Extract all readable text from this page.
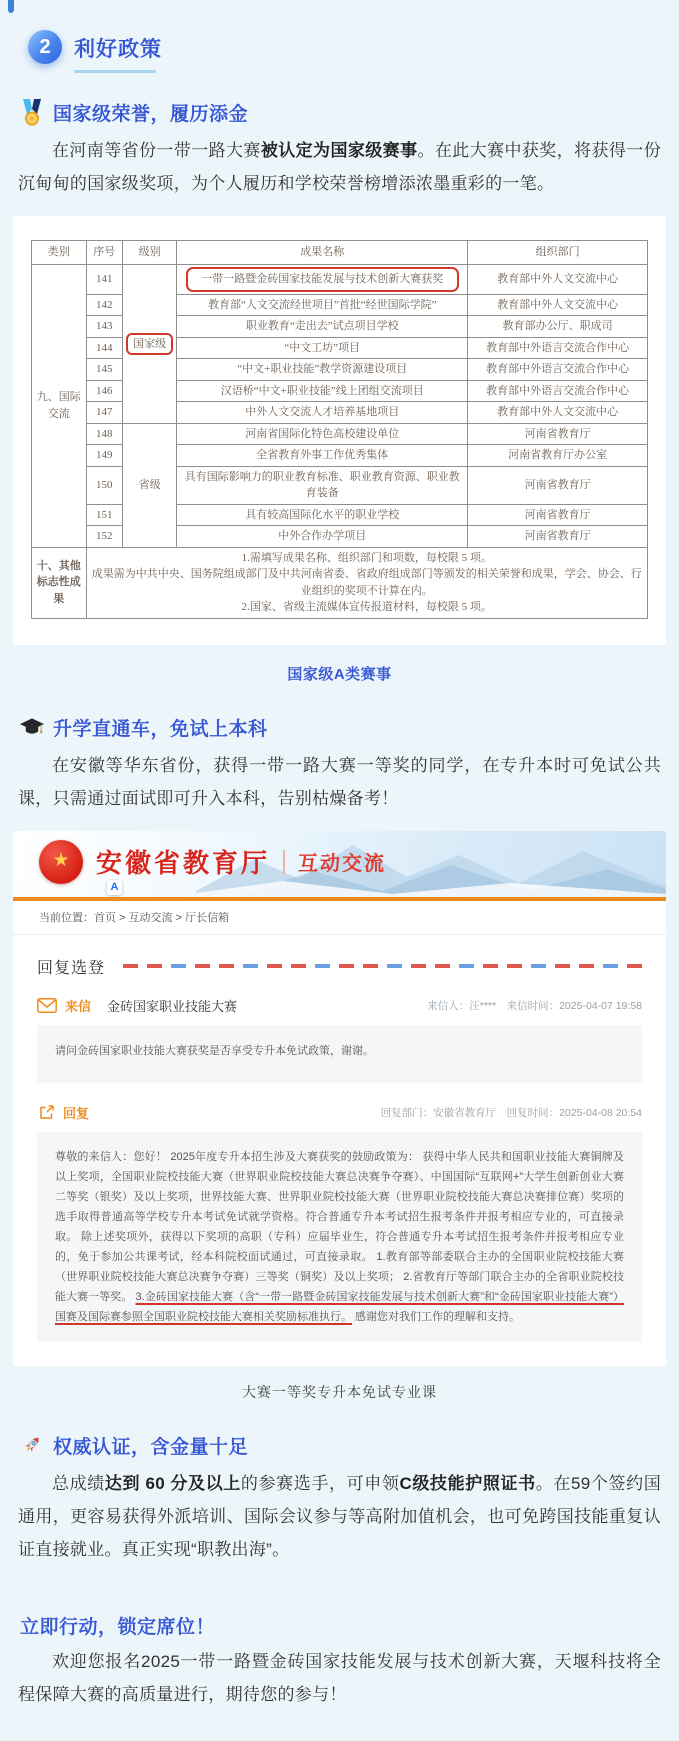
2	利好政策
国家级荣誉，履历添金

在河南等省份一带一路大赛被认定为国家级赛事。在此大赛中获奖，将获得一份沉甸甸的国家级奖项，为个人履历和学校荣誉榜增添浓墨重彩的一笔。

类别	序号	级别	成果名称	组织部门
九、国际交流	141	国家级	一带一路暨金砖国家技能发展与技术创新大赛获奖	教育部中外人文交流中心
	142		教育部“人文交流经世项目”首批“经世国际学院”	教育部中外人文交流中心
	143		职业教育“走出去”试点项目学校	教育部办公厅、职成司
	144		“中文工坊”项目	教育部中外语言交流合作中心
	145		“中文+职业技能”教学资源建设项目	教育部中外语言交流合作中心
	146		汉语桥“中文+职业技能”线上团组交流项目	教育部中外语言交流合作中心
	147		中外人文交流人才培养基地项目	教育部中外人文交流中心
	148	省级	河南省国际化特色高校建设单位	河南省教育厅
	149		全省教育外事工作优秀集体	河南省教育厅办公室
	150		具有国际影响力的职业教育标准、职业教育资源、职业教育装备	河南省教育厅
	151		具有较高国际化水平的职业学校	河南省教育厅
	152		中外合作办学项目	河南省教育厅
十、其他标志性成果	1.需填写成果名称、组织部门和项数，每校限 5 项。
成果需为中共中央、国务院组成部门及中共河南省委、省政府组成部门等颁发的相关荣誉和成果，学会、协会、行业组织的奖项不计算在内。
2.国家、省级主流媒体宣传报道材料，每校限 5 项。			
国家级A类赛事
升学直通车，免试上本科

在安徽等华东省份，获得一带一路大赛一等奖的同学，在专升本时可免试公共课，只需通过面试即可升入本科，告别枯燥备考！

★ 安徽省教育厅 互动交流
A
当前位置：首页 > 互动交流 > 厅长信箱
回复选登
来信 金砖国家职业技能大赛	来信人：汪****　来信时间：2025-04-07 19:58
请问金砖国家职业技能大赛获奖是否享受专升本免试政策，谢谢。
回复	回复部门：安徽省教育厅　回复时间：2025-04-08 20:54
尊敬的来信人：您好！ 2025年度专升本招生涉及大赛获奖的鼓励政策为： 获得中华人民共和国职业技能大赛铜牌及以上奖项，全国职业院校技能大赛（世界职业院校技能大赛总决赛争夺赛）、中国国际“互联网+”大学生创新创业大赛二等奖（银奖）及以上奖项，世界技能大赛、世界职业院校技能大赛（世界职业院校技能大赛总决赛排位赛）奖项的选手取得普通高等学校专升本考试免试就学资格。符合普通专升本考试招生报考条件并报考相应专业的，可直接录取。 除上述奖项外，获得以下奖项的高职（专科）应届毕业生，符合普通专升本考试招生报考条件并报考相应专业的，免于参加公共课考试，经本科院校面试通过，可直接录取。 1.教育部等部委联合主办的全国职业院校技能大赛（世界职业院校技能大赛总决赛争夺赛）三等奖（铜奖）及以上奖项； 2.省教育厅等部门联合主办的全省职业院校技能大赛一等奖。 3.金砖国家技能大赛（含“一带一路暨金砖国家技能发展与技术创新大赛”和“金砖国家职业技能大赛”）国赛及国际赛参照全国职业院校技能大赛相关奖励标准执行。 感谢您对我们工作的理解和支持。
大赛一等奖专升本免试专业课
权威认证，含金量十足

总成绩达到 60 分及以上的参赛选手，可申领C级技能护照证书。在59个签约国通用，更容易获得外派培训、国际会议参与等高附加值机会，也可免跨国技能重复认证直接就业。真正实现“职教出海”。

立即行动，锁定席位！

欢迎您报名2025一带一路暨金砖国家技能发展与技术创新大赛，天堰科技将全程保障大赛的高质量进行，期待您的参与！
